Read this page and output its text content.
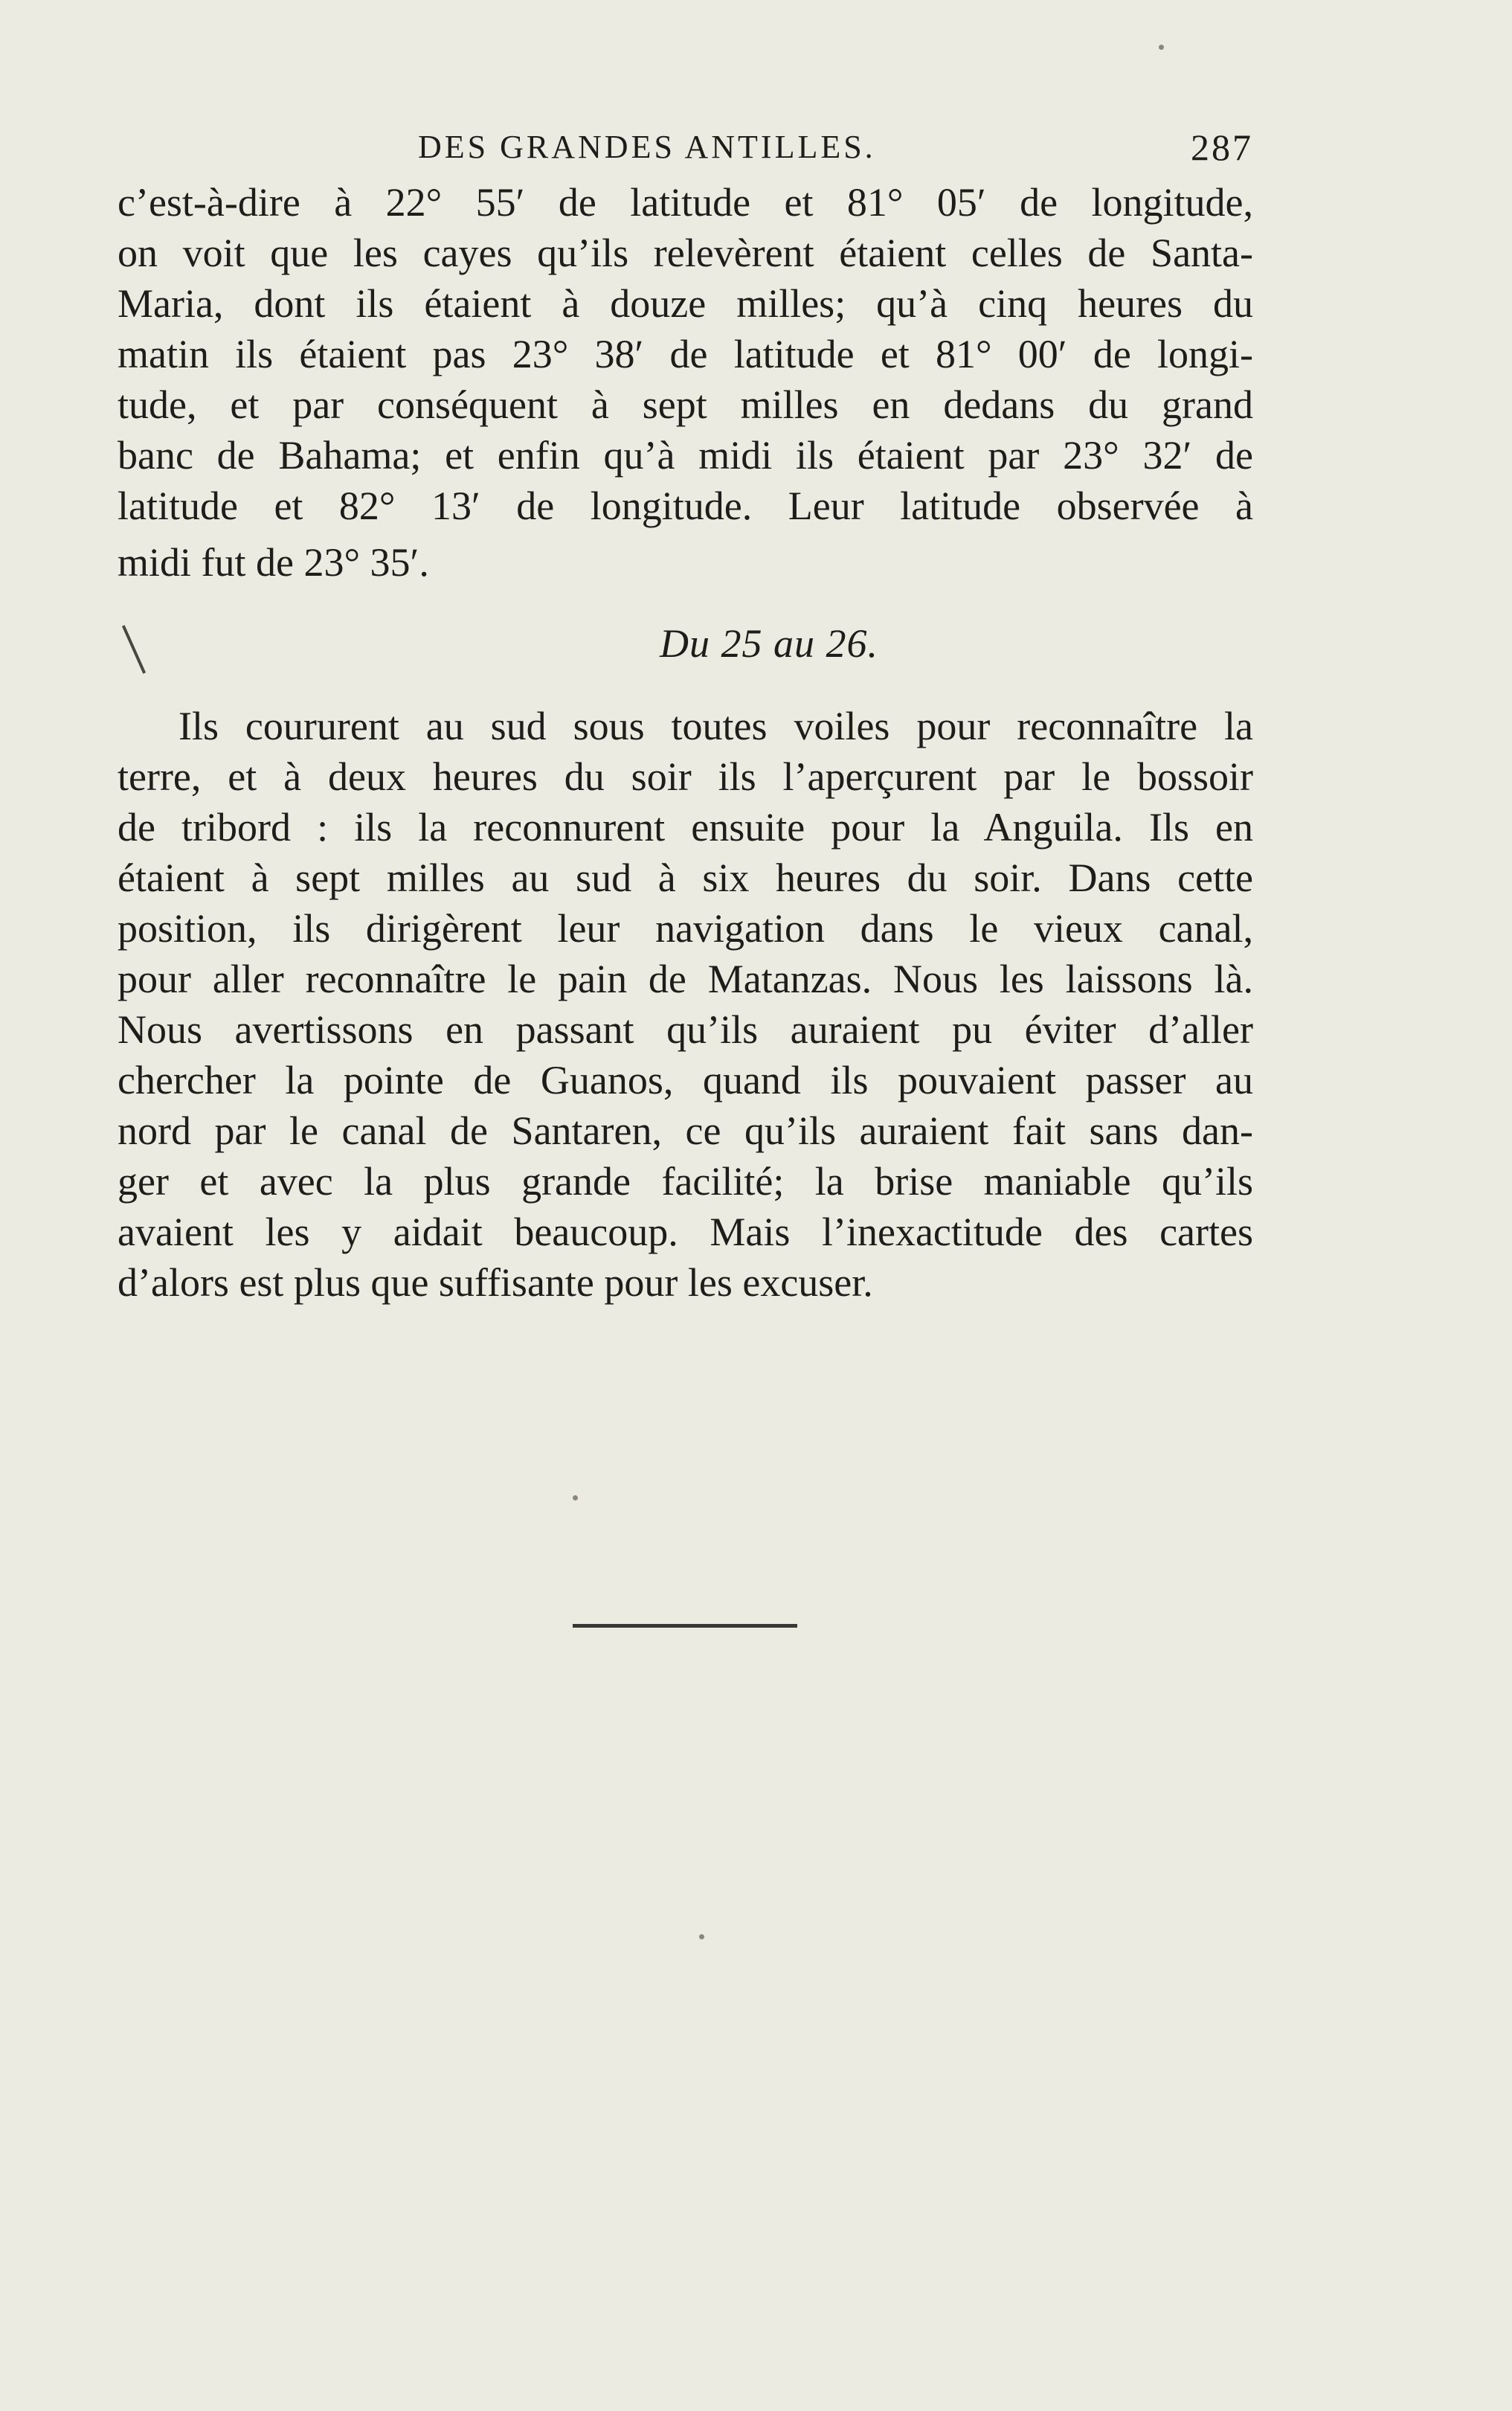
DES GRANDES ANTILLES.	287
c’est-à-dire à 22° 55′ de latitude et 81° 05′ de longitude,
on voit que les cayes qu’ils relevèrent étaient celles de Santa-
Maria, dont ils étaient à douze milles; qu’à cinq heures du
matin ils étaient pas 23° 38′ de latitude et 81° 00′ de longi-
tude, et par conséquent à sept milles en dedans du grand
banc de Bahama; et enfin qu’à midi ils étaient par 23° 32′ de
latitude et 82° 13′ de longitude. Leur latitude observée à
midi fut de 23° 35′.
Du 25 au 26.
Ils coururent au sud sous toutes voiles pour reconnaître la
terre, et à deux heures du soir ils l’aperçurent par le bossoir
de tribord : ils la reconnurent ensuite pour la Anguila. Ils en
étaient à sept milles au sud à six heures du soir. Dans cette
position, ils dirigèrent leur navigation dans le vieux canal,
pour aller reconnaître le pain de Matanzas. Nous les laissons là.
Nous avertissons en passant qu’ils auraient pu éviter d’aller
chercher la pointe de Guanos, quand ils pouvaient passer au
nord par le canal de Santaren, ce qu’ils auraient fait sans dan-
ger et avec la plus grande facilité; la brise maniable qu’ils
avaient les y aidait beaucoup. Mais l’inexactitude des cartes
d’alors est plus que suffisante pour les excuser.
